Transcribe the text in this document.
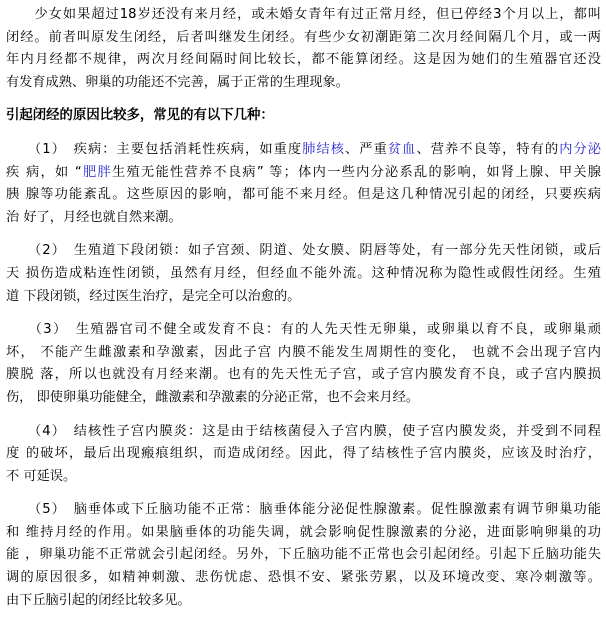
　　少女如果超过18岁还没有来月经，或未婚女青年有过正常月经，但已停经3个月以上，都叫
闭经。前者叫原发生闭经，后者叫继发生闭经。有些少女初潮距第二次月经间隔几个月，或一两
年内月经都不规律，两次月经间隔时间比较长，都不能算闭经。这是因为她们的生殖器官还没
有发育成熟、卵巢的功能还不完善，属于正常的生理现象。
引起闭经的原因比较多，常见的有以下几种：
　　（1）　疾病：主要包括消耗性疾病，如重度肺结核、严重贫血、营养不良等，特有的内分泌
疾 病，如 “肥胖生殖无能性营养不良病” 等；体内一些内分泌系乱的影响，如肾上腺、甲关腺
胰 腺等功能紊乱。这些原因的影响，都可能不来月经。但是这几种情况引起的闭经，只要疾病
治 好了，月经也就自然来潮。
　　（2）　生殖道下段闭锁：如子宫颈、阴道、处女膜、阴唇等处，有一部分先天性闭锁，或后
天 损伤造成粘连性闭锁，虽然有月经，但经血不能外流。这种情况称为隐性或假性闭经。生殖
道 下段闭锁，经过医生治疗，是完全可以治愈的。
　　（3）　生殖器官司不健全或发育不良：有的人先天性无卵巢，或卵巢以育不良，或卵巢顽
坏， 不能产生雌激素和孕激素，因此子宫 内膜不能发生周期性的变化， 也就不会出现子宫内
膜脱 落，所以也就没有月经来潮。也有的先天性无子宫，或子宫内膜发育不良，或子宫内膜损
伤， 即使卵巢功能健全，雌激素和孕激素的分泌正常，也不会来月经。
　　（4）　结核性子宫内膜炎：这是由于结核菌侵入子宫内膜，使子宫内膜发炎，并受到不同程
度 的破坏，最后出现瘢痕组织，而造成闭经。因此，得了结核性子宫内膜炎，应该及时治疗，
不 可延误。
　　（5）　脑垂体或下丘脑功能不正常：脑垂体能分泌促性腺激素。促性腺激素有调节卵巢功能
和 维持月经的作用。如果脑垂体的功能失调，就会影响促性腺激素的分泌，进面影响卵巢的功
能 ，卵巢功能不正常就会引起闭经。另外，下丘脑功能不正常也会引起闭经。引起下丘脑功能失
调的原因很多，如精神刺激、悲伤忧虑、恐惧不安、紧张劳累，以及环境改变、寒冷刺激等。
由下丘脑引起的闭经比较多见。
